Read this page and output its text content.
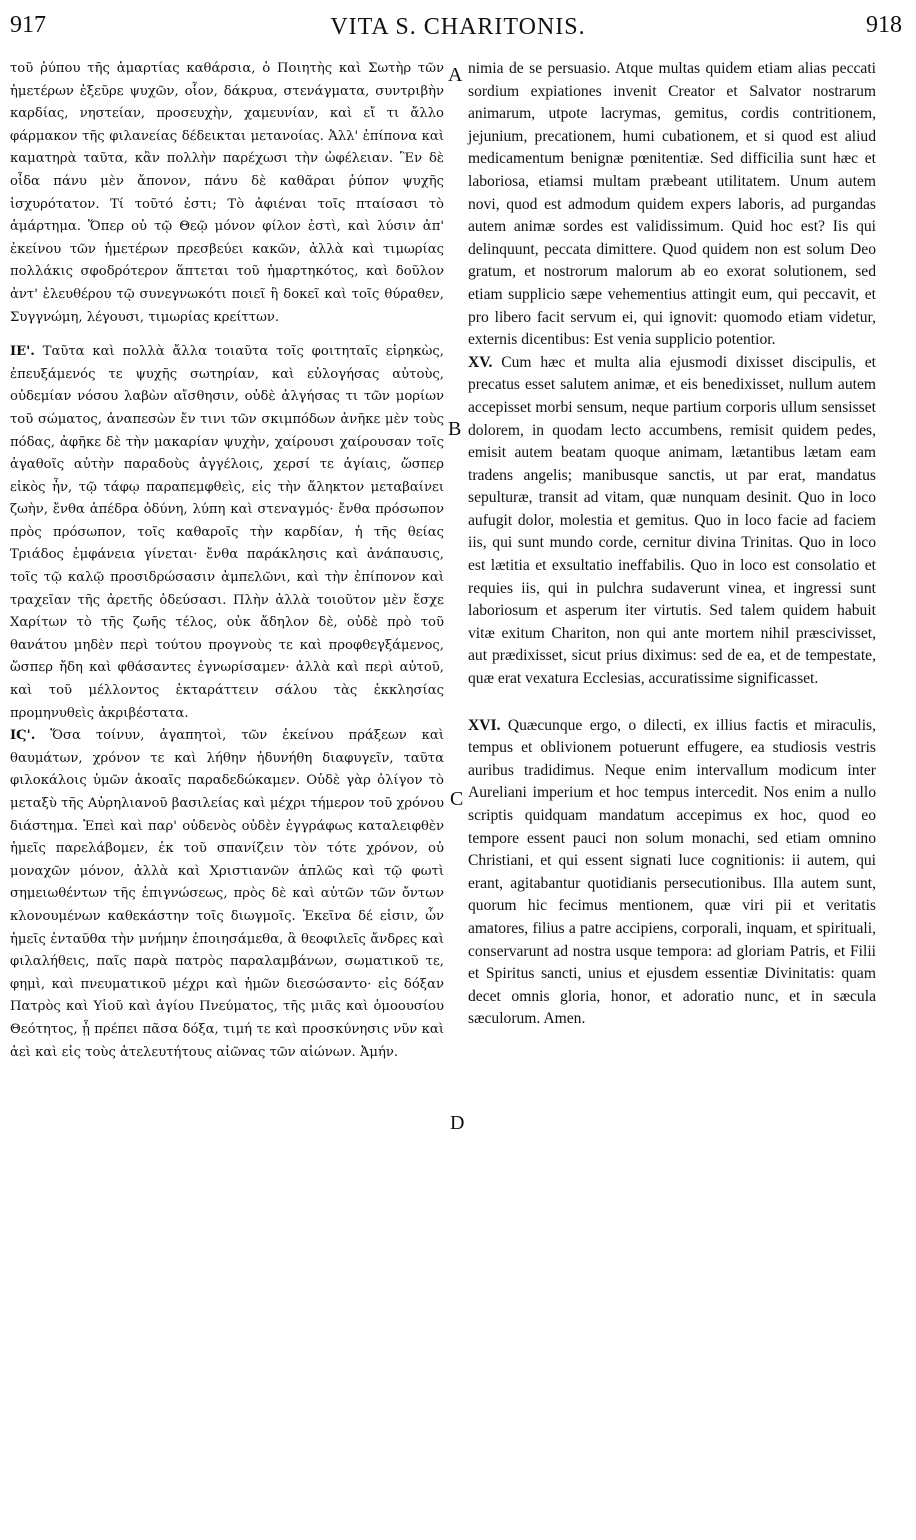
917	VITA S. CHARITONIS.	918

τοῦ ῥύπου τῆς ἁμαρτίας καθάρσια, ὁ Ποιητὴς καὶ Σωτὴρ τῶν ἡμετέρων ἐξεῦρε ψυχῶν, οἷον, δάκρυα, στενάγματα, συντριβὴν καρδίας, νηστείαν, προσευχὴν, χαμευνίαν, καὶ εἴ τι ἄλλο φάρμακον τῆς φιλανείας δέδεικται μετανοίας. Ἀλλ' ἐπίπονα καὶ καματηρὰ ταῦτα, κἂν πολλὴν παρέχωσι τὴν ὠφέλειαν. Ἓν δὲ οἶδα πάνυ μὲν ἄπονον, πάνυ δὲ καθᾶραι ῥύπον ψυχῆς ἰσχυρότατον. Τί τοῦτό ἐστι; Τὸ ἀφιέναι τοῖς πταίσασι τὸ ἁμάρτημα. Ὅπερ οὐ τῷ Θεῷ μόνον φίλον ἐστὶ, καὶ λύσιν ἀπ' ἐκείνου τῶν ἡμετέρων πρεσβεύει κακῶν, ἀλλὰ καὶ τιμωρίας πολλάκις σφοδρότερον ἅπτεται τοῦ ἡμαρτηκότος, καὶ δοῦλον ἀντ' ἐλευθέρου τῷ συνεγνωκότι ποιεῖ ἢ δοκεῖ καὶ τοῖς θύραθεν, Συγγνώμη, λέγουσι, τιμωρίας κρείττων.

ΙΕ'. Ταῦτα καὶ πολλὰ ἄλλα τοιαῦτα τοῖς φοιτηταῖς εἰρηκὼς, ἐπευξάμενός τε ψυχῆς σωτηρίαν, καὶ εὐλογήσας αὐτοὺς, οὐδεμίαν νόσου λαβὼν αἴσθησιν, οὐδὲ ἀλγήσας τι τῶν μορίων τοῦ σώματος, ἀναπεσὼν ἔν τινι τῶν σκιμπόδων ἀνῆκε μὲν τοὺς πόδας, ἀφῆκε δὲ τὴν μακαρίαν ψυχὴν, χαίρουσι χαίρουσαν τοῖς ἀγαθοῖς αὐτὴν παραδοὺς ἀγγέλοις, χερσί τε ἁγίαις, ὥσπερ εἰκὸς ἦν, τῷ τάφῳ παραπεμφθεὶς, εἰς τὴν ἄληκτον μεταβαίνει ζωὴν, ἔνθα ἀπέδρα ὀδύνη, λύπη καὶ στεναγμός· ἔνθα πρόσωπον πρὸς πρόσωπον, τοῖς καθαροῖς τὴν καρδίαν, ἡ τῆς θείας Τριάδος ἐμφάνεια γίνεται· ἔνθα παράκλησις καὶ ἀνάπαυσις, τοῖς τῷ καλῷ προσιδρώσασιν ἀμπελῶνι, καὶ τὴν ἐπίπονον καὶ τραχεῖαν τῆς ἀρετῆς ὁδεύσασι. Πλὴν ἀλλὰ τοιοῦτον μὲν ἔσχε Χαρίτων τὸ τῆς ζωῆς τέλος, οὐκ ἄδηλον δὲ, οὐδὲ πρὸ τοῦ θανάτου μηδὲν περὶ τούτου προγνοὺς τε καὶ προφθεγξάμενος, ὥσπερ ἤδη καὶ φθάσαντες ἐγνωρίσαμεν· ἀλλὰ καὶ περὶ αὐτοῦ, καὶ τοῦ μέλλοντος ἐκταράττειν σάλου τὰς ἐκκλησίας προμηνυθεὶς ἀκριβέστατα.

ΙϚ'. Ὅσα τοίνυν, ἀγαπητοὶ, τῶν ἐκείνου πράξεων καὶ θαυμάτων, χρόνον τε καὶ λήθην ἠδυνήθη διαφυγεῖν, ταῦτα φιλοκάλοις ὑμῶν ἀκοαῖς παραδεδώκαμεν. Οὐδὲ γὰρ ὀλίγον τὸ μεταξὺ τῆς Αὐρηλιανοῦ βασιλείας καὶ μέχρι τήμερον τοῦ χρόνου διάστημα. Ἐπεὶ καὶ παρ' οὐδενὸς οὐδὲν ἐγγράφως καταλειφθὲν ἡμεῖς παρελάβομεν, ἐκ τοῦ σπανίζειν τὸν τότε χρόνον, οὐ μοναχῶν μόνον, ἀλλὰ καὶ Χριστιανῶν ἁπλῶς καὶ τῷ φωτὶ σημειωθέντων τῆς ἐπιγνώσεως, πρὸς δὲ καὶ αὐτῶν τῶν ὄντων κλονουμένων καθεκάστην τοῖς διωγμοῖς. Ἐκεῖνα δέ εἰσιν, ὧν ἡμεῖς ἐνταῦθα τὴν μνήμην ἐποιησάμεθα, ἃ θεοφιλεῖς ἄνδρες καὶ φιλαλήθεις, παῖς παρὰ πατρὸς παραλαμβάνων, σωματικοῦ τε, φημὶ, καὶ πνευματικοῦ μέχρι καὶ ἡμῶν διεσώσαντο· εἰς δόξαν Πατρὸς καὶ Υἱοῦ καὶ ἁγίου Πνεύματος, τῆς μιᾶς καὶ ὁμοουσίου Θεότητος, ᾗ πρέπει πᾶσα δόξα, τιμή τε καὶ προσκύνησις νῦν καὶ ἀεὶ καὶ εἰς τοὺς ἀτελευτήτους αἰῶνας τῶν αἰώνων. Ἀμήν.

A
B
C
D

nimia de se persuasio. Atque multas quidem etiam alias peccati sordium expiationes invenit Creator et Salvator nostrarum animarum, utpote lacrymas, gemitus, cordis contritionem, jejunium, precationem, humi cubationem, et si quod est aliud medicamentum benignæ pœnitentiæ. Sed difficilia sunt hæc et laboriosa, etiamsi multam præbeant utilitatem. Unum autem novi, quod est admodum quidem expers laboris, ad purgandas autem animæ sordes est validissimum. Quid hoc est? Iis qui delinquunt, peccata dimittere. Quod quidem non est solum Deo gratum, et nostrorum malorum ab eo exorat solutionem, sed etiam supplicio sæpe vehementius attingit eum, qui peccavit, et pro libero facit servum ei, qui ignovit: quomodo etiam videtur, externis dicentibus: Est venia supplicio potentior.

XV. Cum hæc et multa alia ejusmodi dixisset discipulis, et precatus esset salutem animæ, et eis benedixisset, nullum autem accepisset morbi sensum, neque partium corporis ullum sensisset dolorem, in quodam lecto accumbens, remisit quidem pedes, emisit autem beatam quoque animam, lætantibus lætam eam tradens angelis; manibusque sanctis, ut par erat, mandatus sepulturæ, transit ad vitam, quæ nunquam desinit. Quo in loco aufugit dolor, molestia et gemitus. Quo in loco facie ad faciem iis, qui sunt mundo corde, cernitur divina Trinitas. Quo in loco est lætitia et exsultatio ineffabilis. Quo in loco est consolatio et requies iis, qui in pulchra sudaverunt vinea, et ingressi sunt laboriosum et asperum iter virtutis. Sed talem quidem habuit vitæ exitum Chariton, non qui ante mortem nihil præscivisset, aut prædixisset, sicut prius diximus: sed de ea, et de tempestate, quæ erat vexatura Ecclesias, accuratissime significasset.

XVI. Quæcunque ergo, o dilecti, ex illius factis et miraculis, tempus et oblivionem potuerunt effugere, ea studiosis vestris auribus tradidimus. Neque enim intervallum modicum inter Aureliani imperium et hoc tempus intercedit. Nos enim a nullo scriptis quidquam mandatum accepimus ex hoc, quod eo tempore essent pauci non solum monachi, sed etiam omnino Christiani, et qui essent signati luce cognitionis: ii autem, qui erant, agitabantur quotidianis persecutionibus. Illa autem sunt, quorum hic fecimus mentionem, quæ viri pii et veritatis amatores, filius a patre accipiens, corporali, inquam, et spirituali, conservarunt ad nostra usque tempora: ad gloriam Patris, et Filii et Spiritus sancti, unius et ejusdem essentiæ Divinitatis: quam decet omnis gloria, honor, et adoratio nunc, et in sæcula sæculorum. Amen.
